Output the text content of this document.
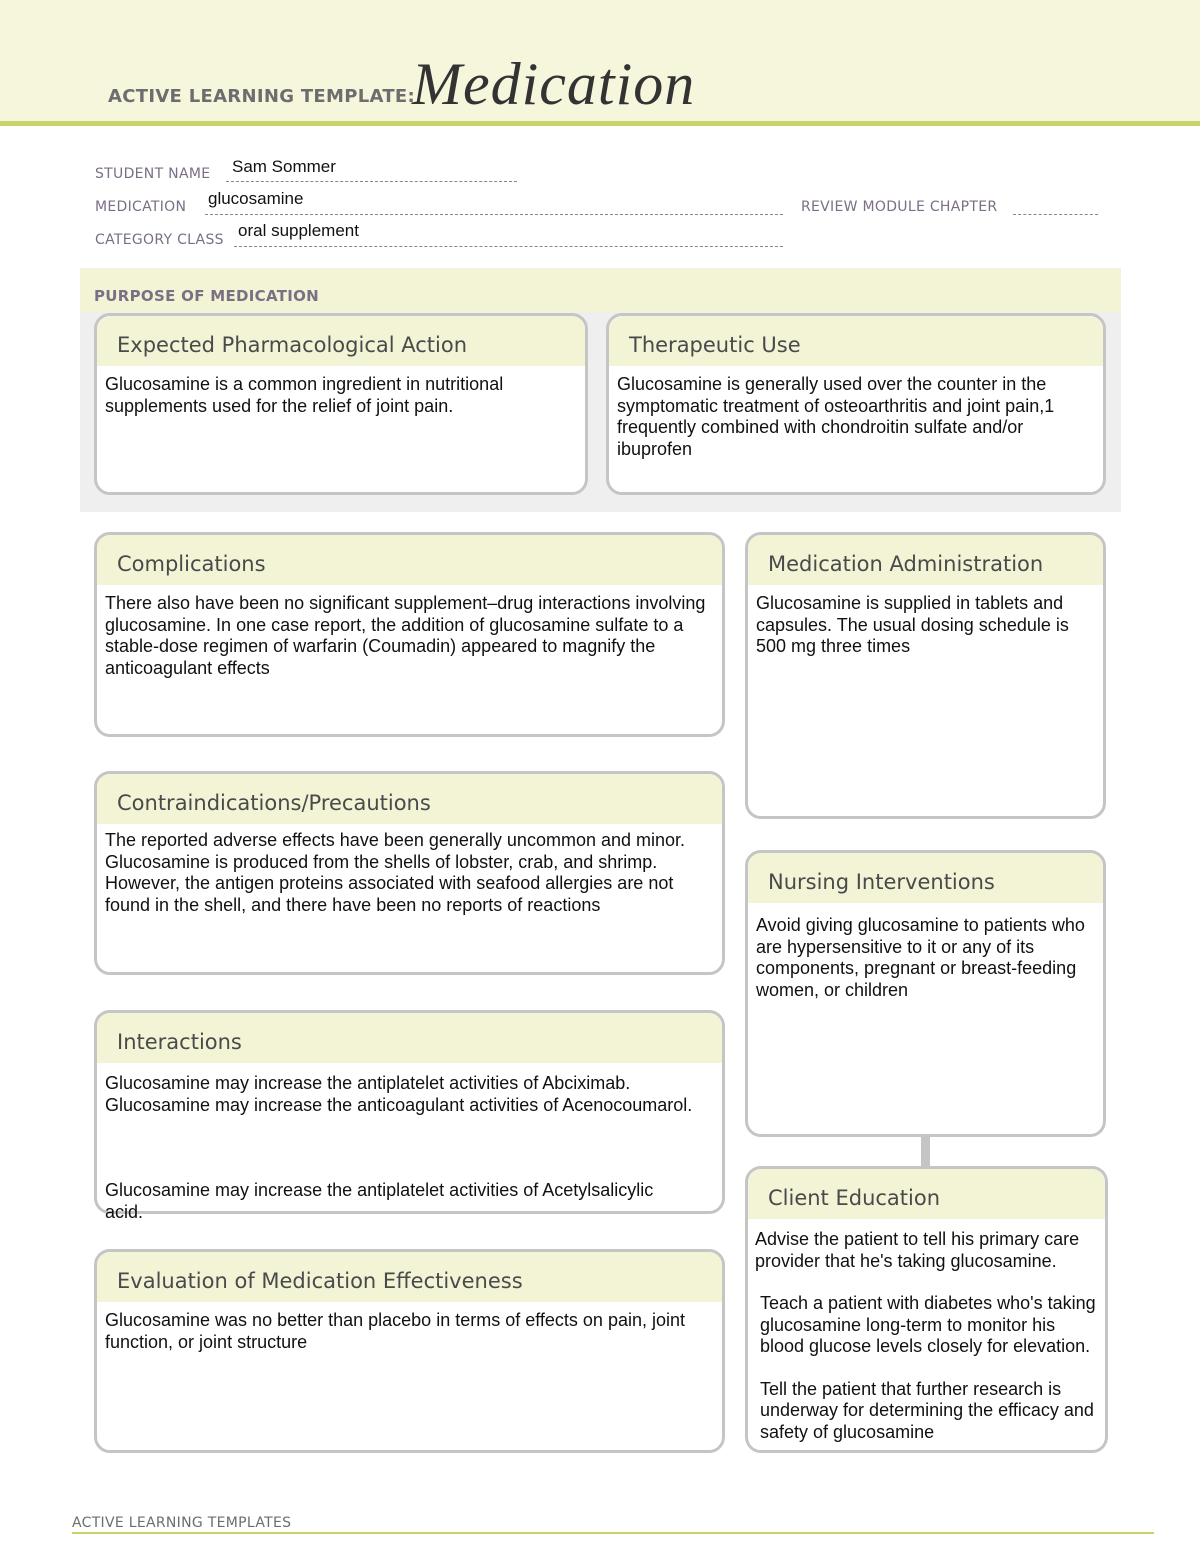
ACTIVE LEARNING TEMPLATE:
Medication
STUDENT NAME Sam Sommer
MEDICATION glucosamine	REVIEW MODULE CHAPTER
CATEGORY CLASS oral supplement
PURPOSE OF MEDICATION
Expected Pharmacological Action
Glucosamine is a common ingredient in nutritional supplements used for the relief of joint pain.
Therapeutic Use
Glucosamine is generally used over the counter in the symptomatic treatment of osteoarthritis and joint pain,1 frequently combined with chondroitin sulfate and/or ibuprofen
Complications
There also have been no significant supplement–drug interactions involving glucosamine. In one case report, the addition of glucosamine sulfate to a stable-dose regimen of warfarin (Coumadin) appeared to magnify the anticoagulant effects
Contraindications/Precautions
The reported adverse effects have been generally uncommon and minor. Glucosamine is produced from the shells of lobster, crab, and shrimp. However, the antigen proteins associated with seafood allergies are not found in the shell, and there have been no reports of reactions
Interactions
Glucosamine may increase the antiplatelet activities of Abciximab.
Glucosamine may increase the anticoagulant activities of Acenocoumarol.
Glucosamine may increase the antiplatelet activities of Acetylsalicylic acid.
Evaluation of Medication Effectiveness
Glucosamine was no better than placebo in terms of effects on pain, joint function, or joint structure
Medication Administration
Glucosamine is supplied in tablets and capsules. The usual dosing schedule is 500 mg three times
Nursing Interventions
Avoid giving glucosamine to patients who are hypersensitive to it or any of its components, pregnant or breast-feeding women, or children
Client Education
Advise the patient to tell his primary care provider that he's taking glucosamine.
Teach a patient with diabetes who's taking glucosamine long-term to monitor his blood glucose levels closely for elevation.
Tell the patient that further research is underway for determining the efficacy and safety of glucosamine
ACTIVE LEARNING TEMPLATES
